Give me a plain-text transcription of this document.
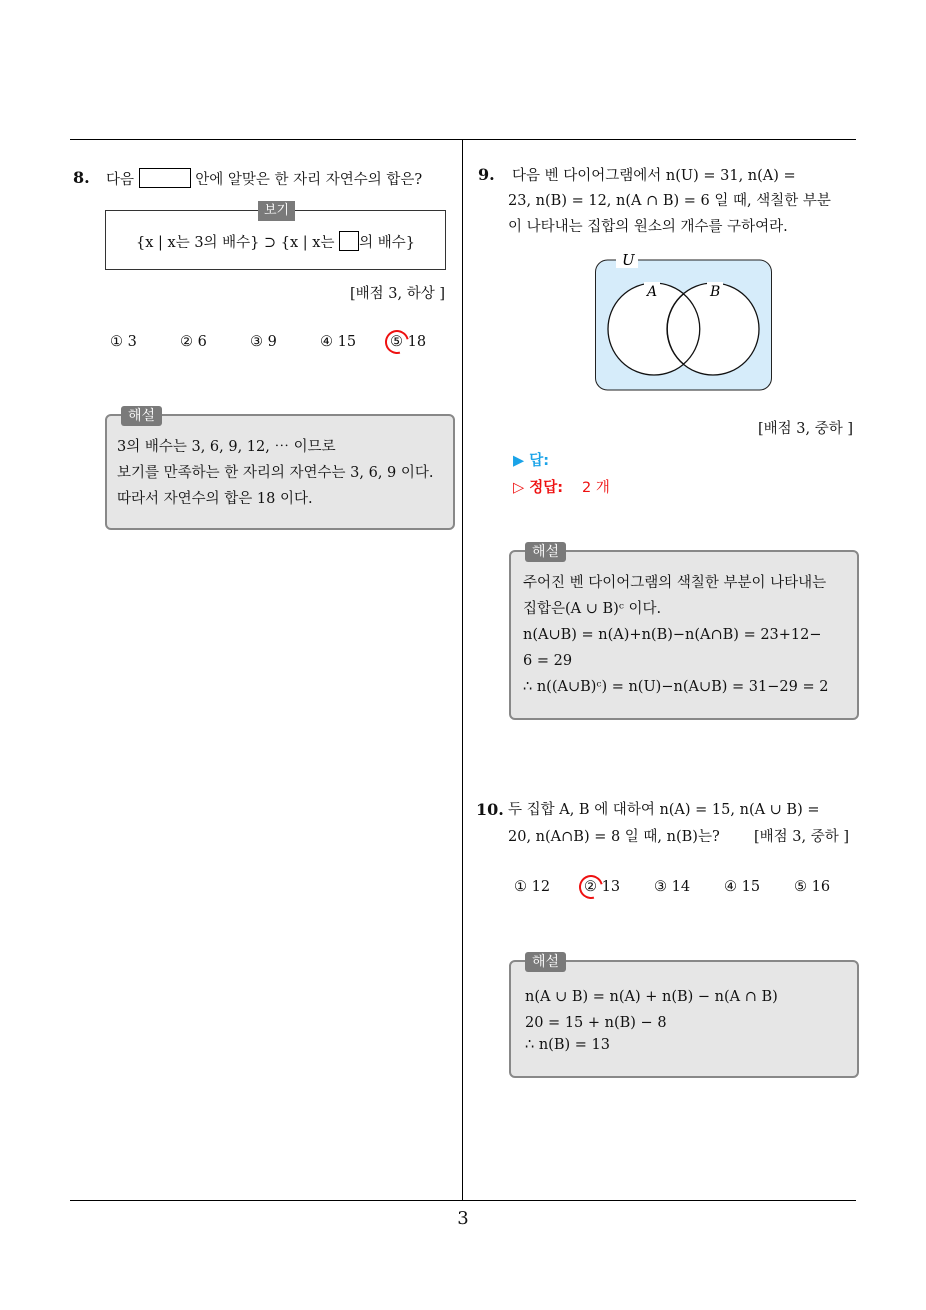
8. 다음	안에 알맞은 한 자리 자연수의 합은?
보기
{x | x는 3의 배수} ⊃ {x | x는 의 배수}
[배점 3, 하상 ]
① 3	② 6	③ 9	④ 15 ⑤ 18
해설
3의 배수는 3, 6, 9, 12, ⋯ 이므로
보기를 만족하는 한 자리의 자연수는 3, 6, 9 이다.
따라서 자연수의 합은 18 이다.
9. 다음 벤 다이어그램에서 n(U) = 31, n(A) =
23, n(B) = 12, n(A ∩ B) = 6 일 때, 색칠한 부분
이 나타내는 집합의 원소의 개수를 구하여라.
U
A	B
[배점 3, 중하 ]
▶ 답:
▷ 정답: 2 개
해설
주어진 벤 다이어그램의 색칠한 부분이 나타내는
집합은(A ∪ B)ᶜ 이다.
n(A∪B) = n(A)+n(B)−n(A∩B) = 23+12−
6 = 29
∴ n((A∪B)ᶜ) = n(U)−n(A∪B) = 31−29 = 2
10. 두 집합 A, B 에 대하여 n(A) = 15, n(A ∪ B) =
20, n(A∩B) = 8 일 때, n(B)는? [배점 3, 중하 ]
① 12 ② 13 ③ 14 ④ 15 ⑤ 16
해설
n(A ∪ B) = n(A) + n(B) − n(A ∩ B)
20 = 15 + n(B) − 8
∴ n(B) = 13
3
